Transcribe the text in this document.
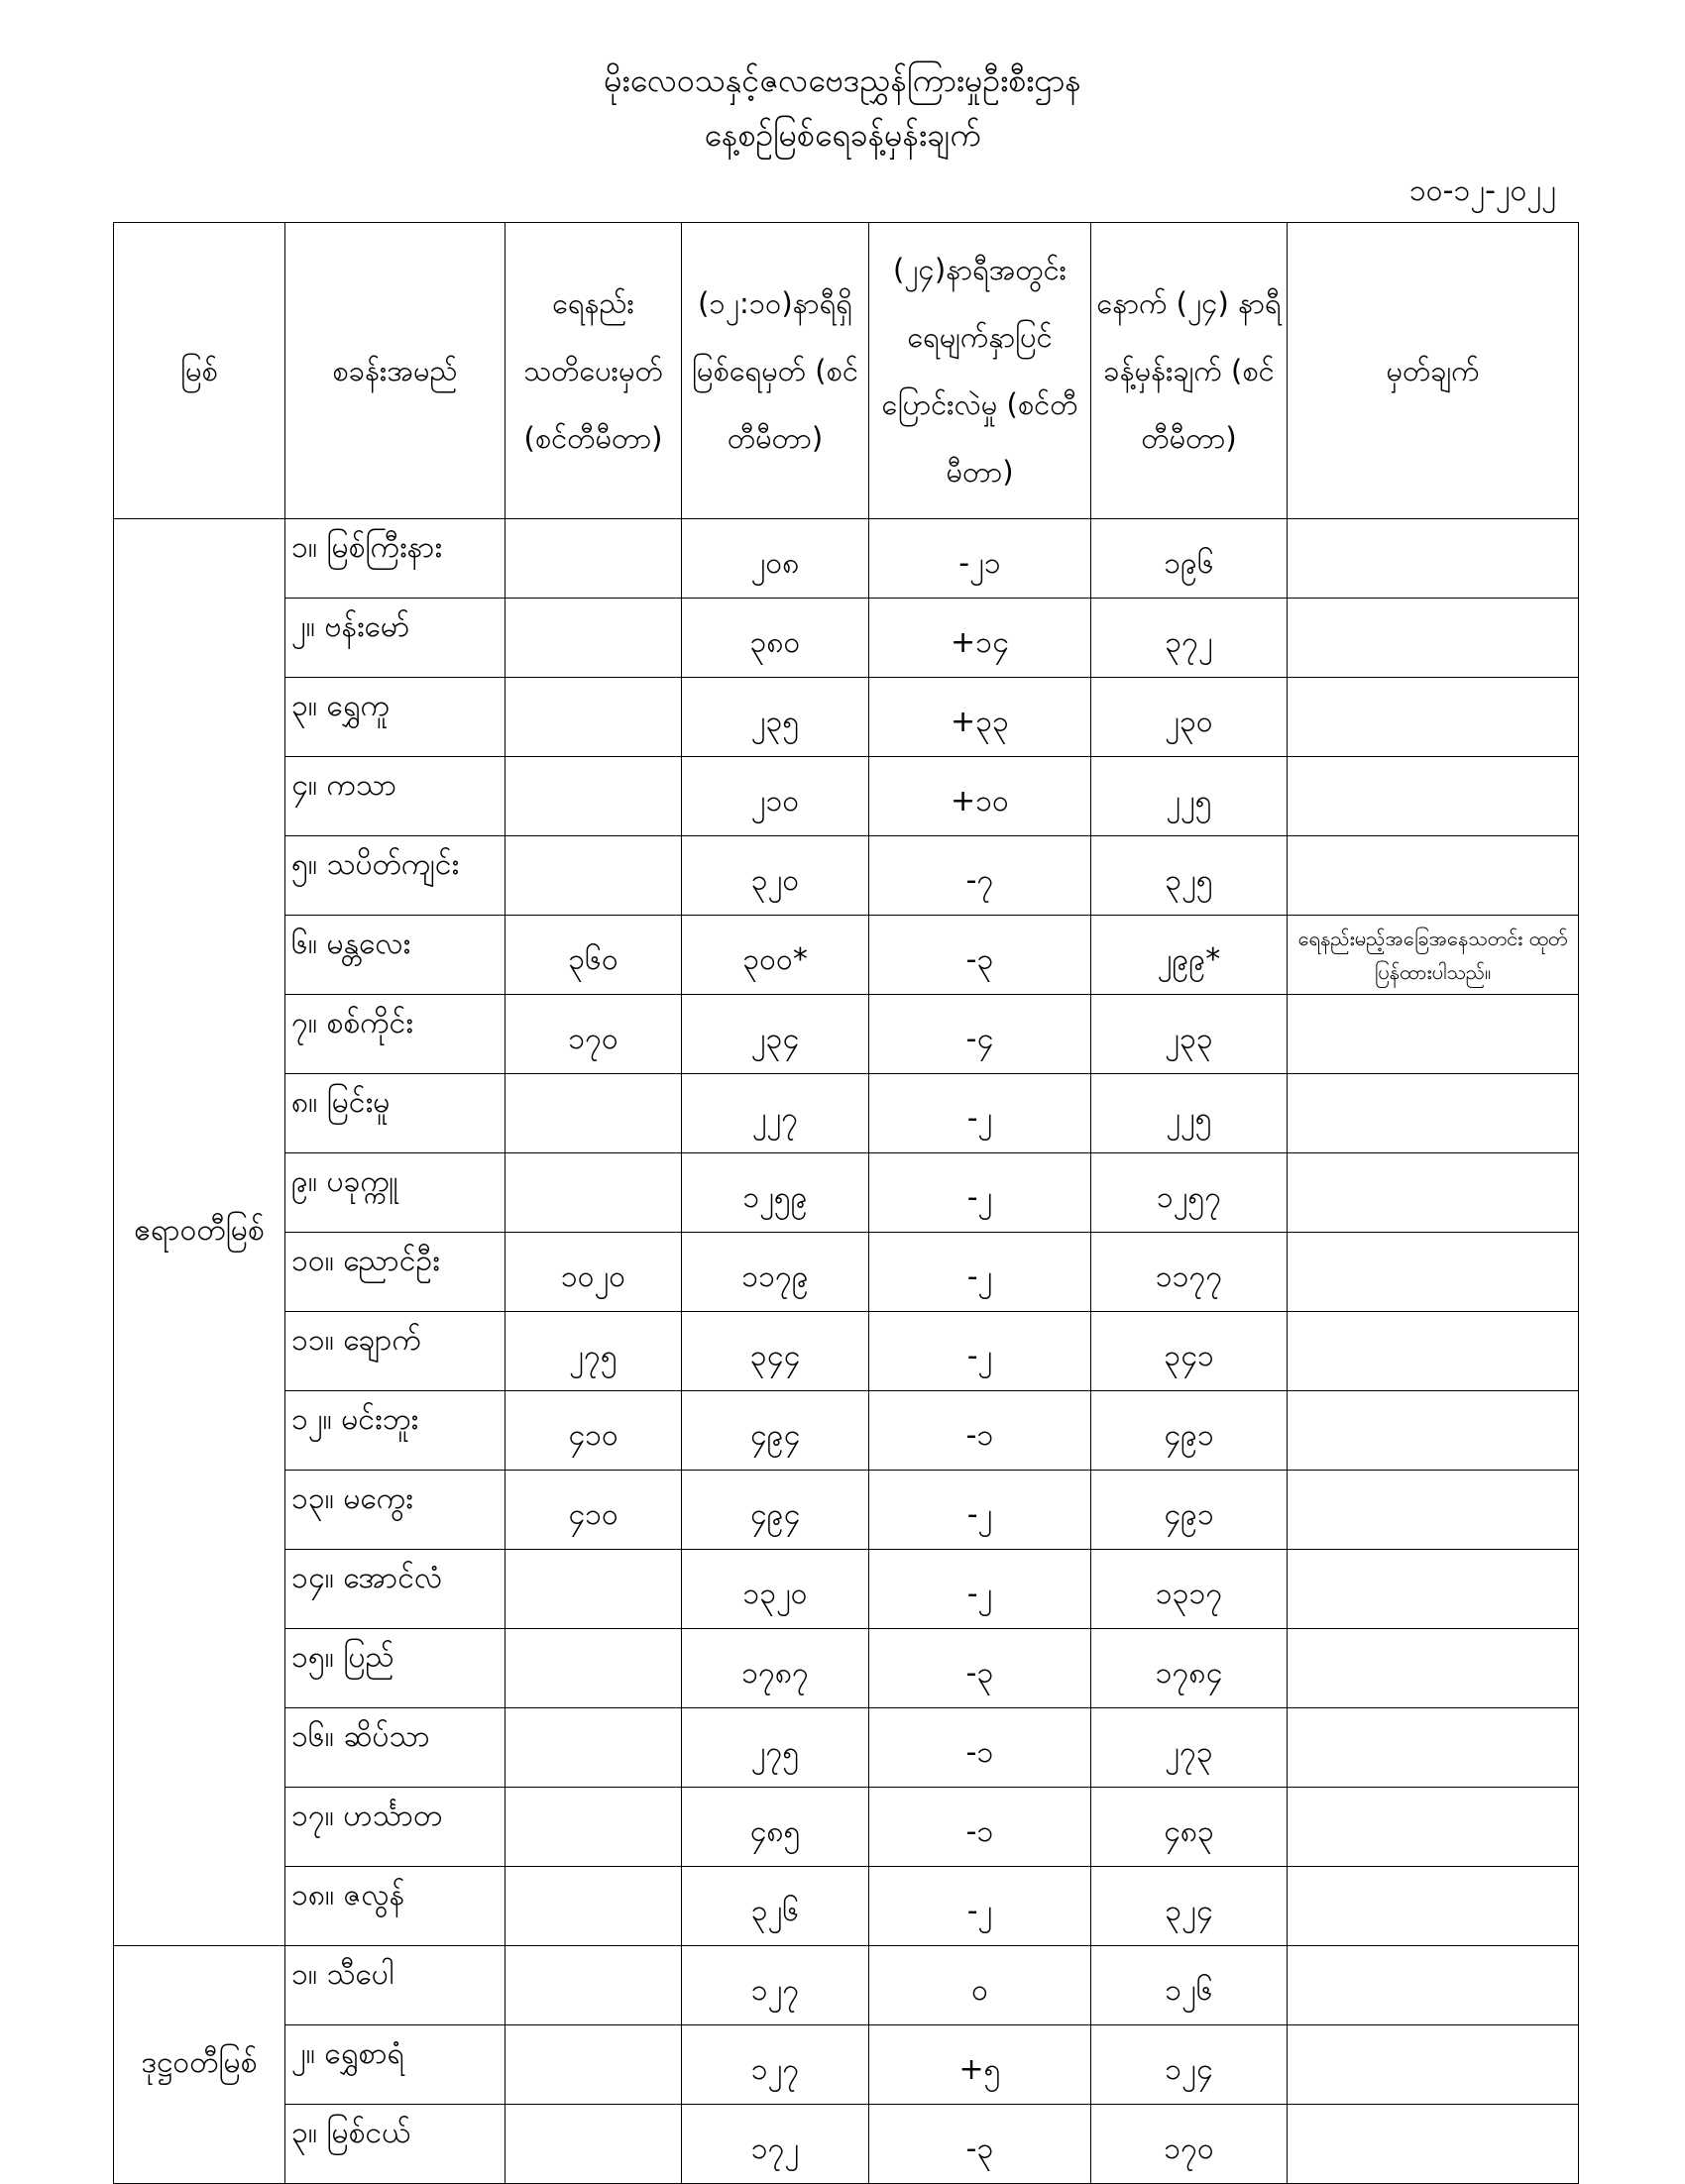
မိုးလေဝသနှင့်ဇလဗေဒညွှန်ကြားမှုဦးစီးဌာန
နေ့စဉ်မြစ်ရေခန့်မှန်းချက်
၁၀-၁၂-၂၀၂၂
မြစ်	စခန်းအမည်	ရေနည်း သတိပေးမှတ် (စင်တီမီတာ)	(၁၂:၁၀)နာရီရှိ မြစ်ရေမှတ် (စင်တီမီတာ)	(၂၄)နာရီအတွင်း ရေမျက်နှာပြင် ပြောင်းလဲမှု (စင်တီမီတာ)	နောက် (၂၄) နာရီ ခန့်မှန်းချက် (စင်တီမီတာ)	မှတ်ချက်
ဧရာဝတီမြစ်	၁။ မြစ်ကြီးနား		၂၀၈	-၂၁	၁၉၆	
	၂။ ဗန်းမော်		၃၈၀	+၁၄	၃၇၂	
	၃။ ရွှေကူ		၂၃၅	+၃၃	၂၃၀	
	၄။ ကသာ		၂၁၀	+၁၀	၂၂၅	
	၅။ သပိတ်ကျင်း		၃၂၀	-၇	၃၂၅	
	၆။ မန္တလေး	၃၆၀	၃၀၀*	-၃	၂၉၉*	ရေနည်းမည့်အခြေအနေသတင်း ထုတ်ပြန်ထားပါသည်။
	၇။ စစ်ကိုင်း	၁၇၀	၂၃၄	-၄	၂၃၃	
	၈။ မြင်းမူ		၂၂၇	-၂	၂၂၅	
	၉။ ပခုက္ကူ		၁၂၅၉	-၂	၁၂၅၇	
	၁၀။ ညောင်ဦး	၁၀၂၀	၁၁၇၉	-၂	၁၁၇၇	
	၁၁။ ချောက်	၂၇၅	၃၄၄	-၂	၃၄၁	
	၁၂။ မင်းဘူး	၄၁၀	၄၉၄	-၁	၄၉၁	
	၁၃။ မကွေး	၄၁၀	၄၉၄	-၂	၄၉၁	
	၁၄။ အောင်လံ		၁၃၂၀	-၂	၁၃၁၇	
	၁၅။ ပြည်		၁၇၈၇	-၃	၁၇၈၄	
	၁၆။ ဆိပ်သာ		၂၇၅	-၁	၂၇၃	
	၁၇။ ဟင်္သာတ		၄၈၅	-၁	၄၈၃	
	၁၈။ ဇလွန်		၃၂၆	-၂	၃၂၄	
ဒုဋ္ဌဝတီမြစ်	၁။ သီပေါ		၁၂၇	၀	၁၂၆	
	၂။ ရွှေစာရံ		၁၂၇	+၅	၁၂၄	
	၃။ မြစ်ငယ်		၁၇၂	-၃	၁၇၀	
